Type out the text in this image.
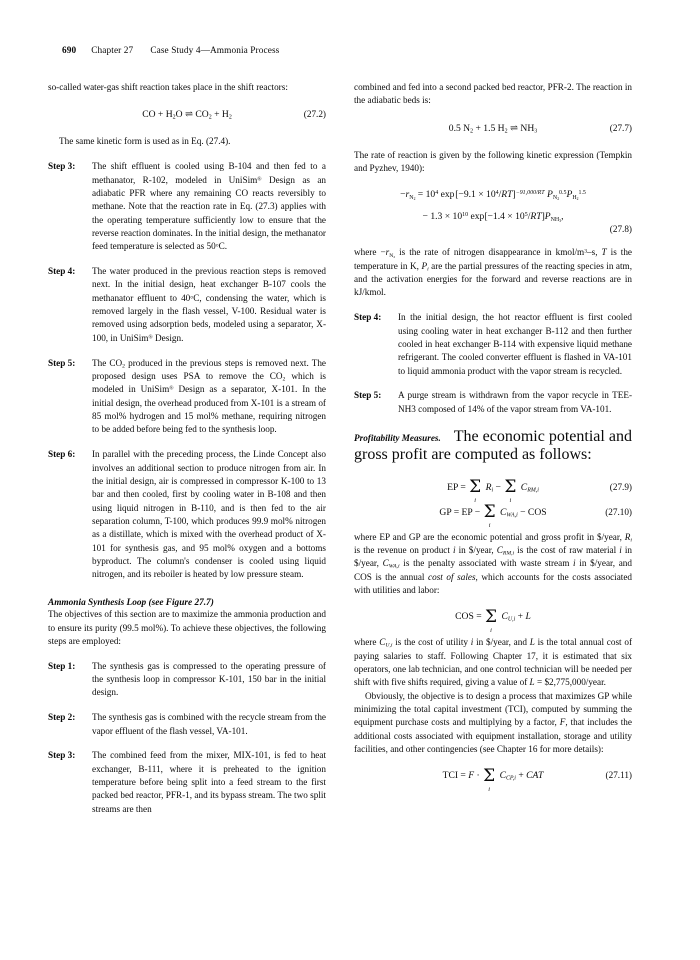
690 Chapter 27 Case Study 4—Ammonia Process

so-called water-gas shift reaction takes place in the shift reactors:

CO + $H_2O$ ⇌ $CO_2 + H_2$	(27.2)

The same kinetic form is used as in Eq. (27.4).

Step 3:	The shift effluent is cooled using B-104 and then fed to a methanator, R-102, modeled in UniSim® Design as an adiabatic PFR where any remaining CO reacts reversibly to methane. Note that the reaction rate in Eq. (27.3) applies with the operating temperature sufficiently low to ensure that the reverse reaction dominates. In the initial design, the methanator feed temperature is selected as 50°C.
Step 4:	The water produced in the previous reaction steps is removed next. In the initial design, heat exchanger B-107 cools the methanator effluent to 40°C, condensing the water, which is removed largely in the flash vessel, V-100. Residual water is removed using adsorption beds, modeled using a separator, X-100, in UniSim® Design.
Step 5:	The $CO_2$ produced in the previous steps is removed next. The proposed design uses PSA to remove the $CO_2$ which is modeled in UniSim® Design as a separator, X-101. In the initial design, the overhead produced from X-101 is a stream of 85 mol% hydrogen and 15 mol% methane, requiring nitrogen to be added before being fed to the synthesis loop.
Step 6:	In parallel with the preceding process, the Linde Concept also involves an additional section to produce nitrogen from air. In the initial design, air is compressed in compressor K-100 to 13 bar and then cooled, first by cooling water in B-108 and then using liquid nitrogen in B-110, and is then fed to the air separation column, T-100, which produces 99.9 mol% nitrogen as a distillate, which is mixed with the overhead product of X-101 for synthesis gas, and 95 mol% oxygen and a bottoms byproduct. The column's condenser is cooled using liquid nitrogen, and its reboiler is heated by low pressure steam.

Ammonia Synthesis Loop (see Figure 27.7)

The objectives of this section are to maximize the ammonia production and to ensure its purity (99.5 mol%). To achieve these objectives, the following steps are employed:

Step 1:	The synthesis gas is compressed to the operating pressure of the synthesis loop in compressor K-101, 150 bar in the initial design.
Step 2:	The synthesis gas is combined with the recycle stream from the vapor effluent of the flash vessel, VA-101.
Step 3:	The combined feed from the mixer, MIX-101, is fed to heat exchanger, B-111, where it is preheated to the ignition temperature before being split into a feed stream to the first packed bed reactor, PFR-1, and its bypass stream. The two split streams are then

combined and fed into a second packed bed reactor, PFR-2. The reaction in the adiabatic beds is:

0.5 $N_2 + 1.5$ $H_2$ ⇌ $NH_3$	(27.7)

The rate of reaction is given by the following kinetic expression (Tempkin and Pyzhev, 1940):

$-r_{N_2} = 10^4$ exp $[-9.1 \times 10^4/RT]^{-91,000/RT}$ $P_{N_2}^{0.5}P_{H_2}^{1.5}$
− $1.3 \times 10^{10}$ $\exp[-1.4 \times 10^5/RT]P_{NH_3}$,
(27.8)

where $-r_{N_2}$ is the rate of nitrogen disappearance in kmol/$m^3-s$, T is the temperature in K, $P_i$ are the partial pressures of the reacting species in atm, and the activation energies for the forward and reverse reactions are in kJ/kmol.

Step 4:	In the initial design, the hot reactor effluent is first cooled using cooling water in heat exchanger B-112 and then further cooled in heat exchanger B-114 with expensive liquid methane refrigerant. The cooled converter effluent is flashed in VA-101 to liquid ammonia product with the vapor stream is recycled.
Step 5:	A purge stream is withdrawn from the vapor recycle in TEE-NH3 composed of 14% of the vapor stream from VA-101.

Profitability Measures. The economic potential and gross profit are computed as follows:

EP = Σ
i
$R_i - \Sigma$
i
$C_{RM,i}$	(27.9)
GP = EP − Σ
i
$C_{WA,i}$ − COS	(27.10)

where EP and GP are the economic potential and gross profit in $/year, $R_i$ is the revenue on product i in $/year, $C_{RM,i}$ is the cost of raw material i in $/year, $C_{WA,i}$ is the penalty associated with waste stream i in $/year, and COS is the annual cost of sales, which accounts for the costs associated with utilities and labor:

COS = Σ
i
$C_{U,i} + L$

where $C_{U,i}$ is the cost of utility i in $/year, and L is the total annual cost of paying salaries to staff. Following Chapter 17, it is estimated that six operators, one lab technician, and one control technician will be needed per shift with five shifts required, giving a value of L = $2,775,000/year.

Obviously, the objective is to design a process that maximizes GP while minimizing the total capital investment (TCI), computed by summing the equipment purchase costs and multiplying by a factor, F, that includes the additional costs associated with equipment installation, storage and utility facilities, and other contingencies (see Chapter 16 for more details):

TCI = F · Σ
i
$C_{CP,i}$ + CAT	(27.11)
